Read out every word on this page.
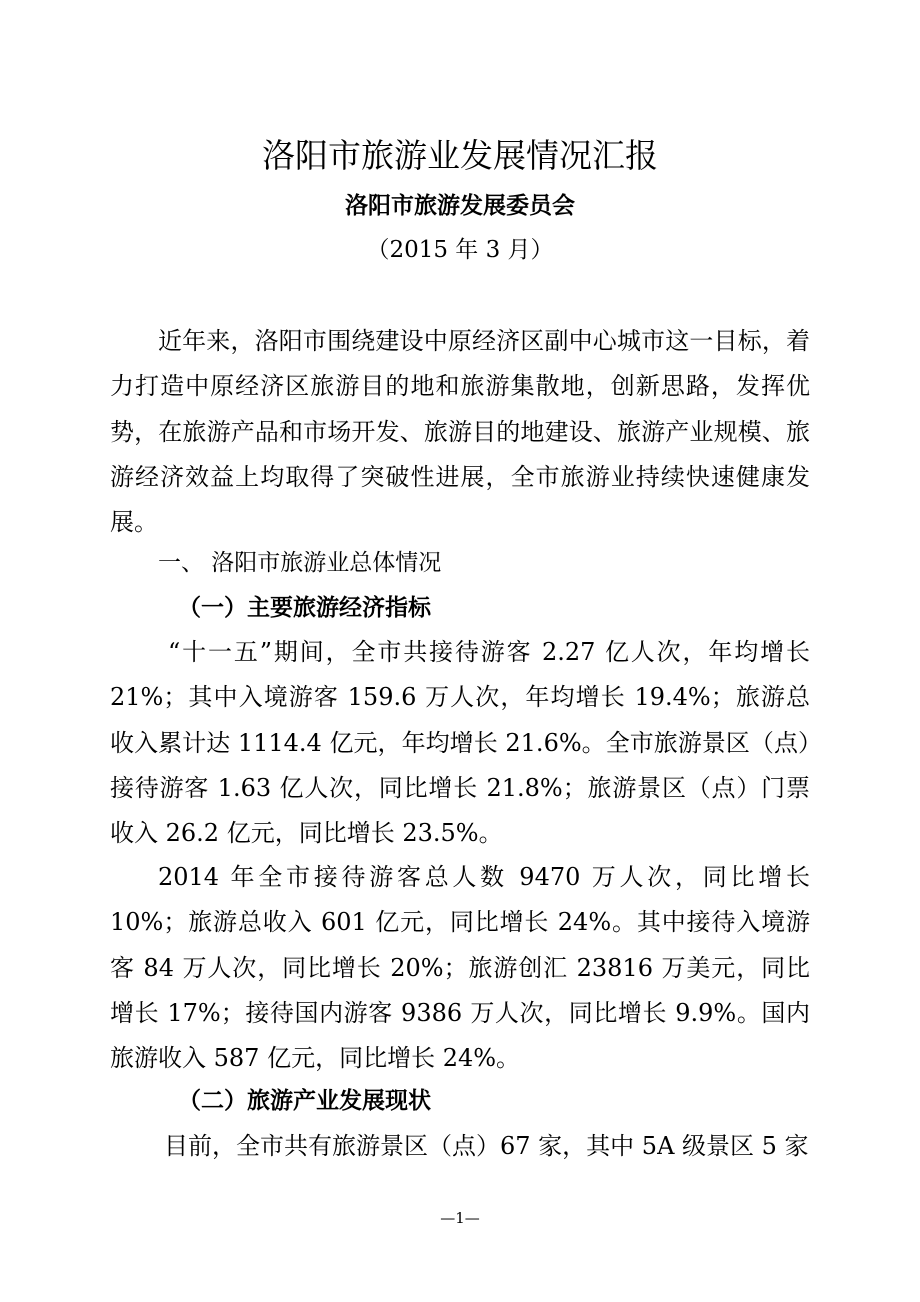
洛阳市旅游业发展情况汇报
洛阳市旅游发展委员会
（2015 年 3 月）

近年来，洛阳市围绕建设中原经济区副中心城市这一目标，着力打造中原经济区旅游目的地和旅游集散地，创新思路，发挥优势，在旅游产品和市场开发、旅游目的地建设、旅游产业规模、旅游经济效益上均取得了突破性进展，全市旅游业持续快速健康发展。

一、 洛阳市旅游业总体情况
（一）主要旅游经济指标

“十一五”期间，全市共接待游客 2.27 亿人次，年均增长 21%；其中入境游客 159.6 万人次，年均增长 19.4%；旅游总收入累计达 1114.4 亿元，年均增长 21.6%。全市旅游景区（点）接待游客 1.63 亿人次，同比增长 21.8%；旅游景区（点）门票收入 26.2 亿元，同比增长 23.5%。

2014 年全市接待游客总人数 9470 万人次，同比增长 10%；旅游总收入 601 亿元，同比增长 24%。其中接待入境游客 84 万人次，同比增长 20%；旅游创汇 23816 万美元，同比增长 17%；接待国内游客 9386 万人次，同比增长 9.9%。国内旅游收入 587 亿元，同比增长 24%。

（二）旅游产业发展现状

目前，全市共有旅游景区（点）67 家，其中 5A 级景区 5 家

—1—
